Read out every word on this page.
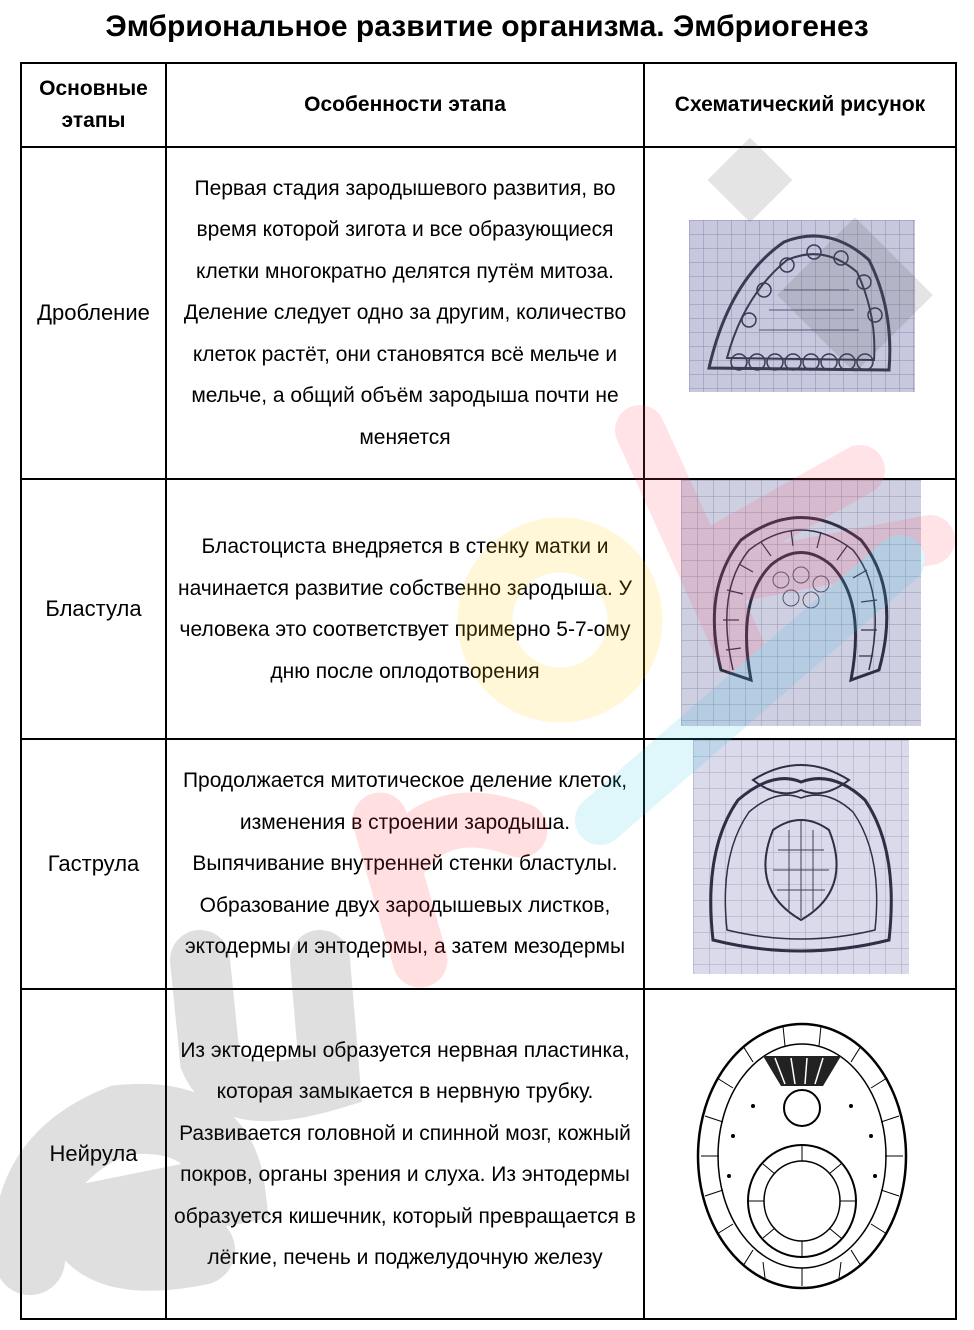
Эмбриональное развитие организма. Эмбриогенез
Основные этапы	Особенности этапа	Схематический рисунок
Дробление	Первая стадия зародышевого развития, во время которой зигота и все образующиеся клетки многократно делятся путём митоза. Деление следует одно за другим, количество клеток растёт, они становятся всё мельче и мельче, а общий объём зародыша почти не меняется	

Бластула	Бластоциста внедряется в стенку матки и начинается развитие собственно зародыша. У человека это соответствует примерно 5-7-ому дню после оплодотворения	

Гаструла	Продолжается митотическое деление клеток, изменения в строении зародыша. Выпячивание внутренней стенки бластулы. Образование двух зародышевых листков, эктодермы и энтодермы, а затем мезодермы	

Нейрула	Из эктодермы образуется нервная пластинка, которая замыкается в нервную трубку. Развивается головной и спинной мозг, кожный покров, органы зрения и слуха. Из энтодермы образуется кишечник, который превращается в лёгкие, печень и поджелудочную железу	
